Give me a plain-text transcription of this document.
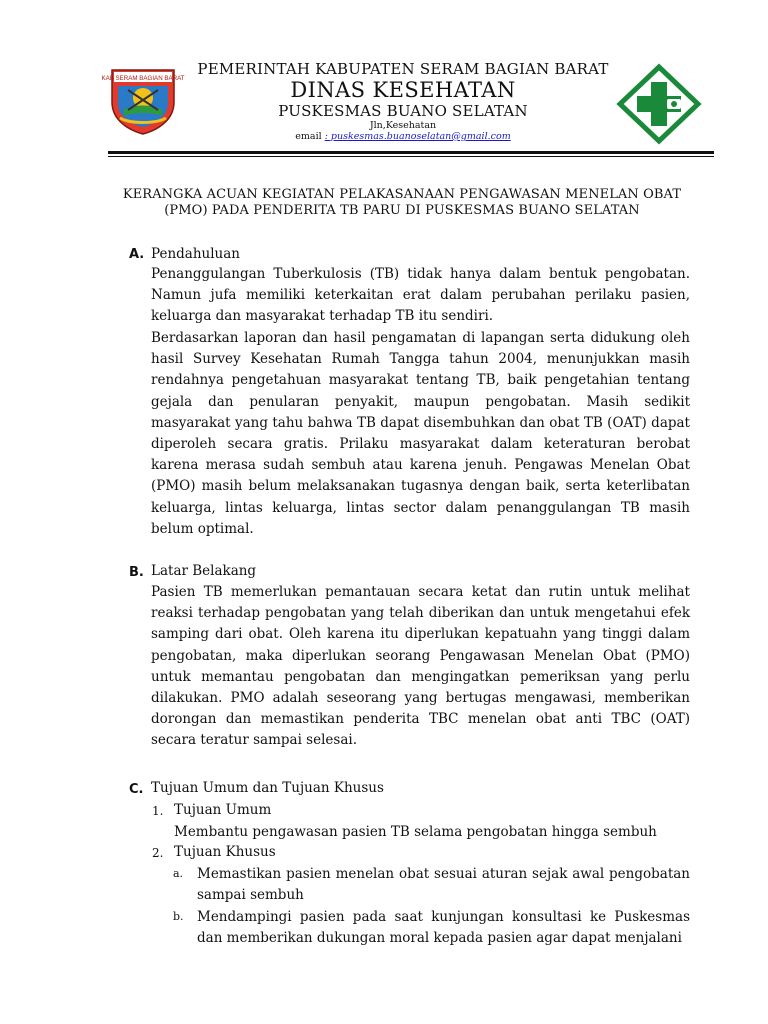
KAB SERAM BAGIAN BARAT
PEMERINTAH KABUPATEN SERAM BAGIAN BARAT
DINAS KESEHATAN
PUSKESMAS BUANO SELATAN
Jln,Kesehatan
email : puskesmas.buanoselatan@gmail.com
KERANGKA ACUAN KEGIATAN PELAKASANAAN PENGAWASAN MENELAN OBAT
(PMO) PADA PENDERITA TB PARU DI PUSKESMAS BUANO SELATAN
A. Pendahuluan

Penanggulangan Tuberkulosis (TB) tidak hanya dalam bentuk pengobatan. Namun jufa memiliki keterkaitan erat dalam perubahan perilaku pasien, keluarga dan masyarakat terhadap TB itu sendiri.

Berdasarkan laporan dan hasil pengamatan di lapangan serta didukung oleh hasil Survey Kesehatan Rumah Tangga tahun 2004, menunjukkan masih rendahnya pengetahuan masyarakat tentang TB, baik pengetahian tentang gejala dan penularan penyakit, maupun pengobatan. Masih sedikit masyarakat yang tahu bahwa TB dapat disembuhkan dan obat TB (OAT) dapat diperoleh secara gratis. Prilaku masyarakat dalam keteraturan berobat karena merasa sudah sembuh atau karena jenuh. Pengawas Menelan Obat (PMO) masih belum melaksanakan tugasnya dengan baik, serta keterlibatan keluarga, lintas keluarga, lintas sector dalam penanggulangan TB masih belum optimal.

B. Latar Belakang

Pasien TB memerlukan pemantauan secara ketat dan rutin untuk melihat reaksi terhadap pengobatan yang telah diberikan dan untuk mengetahui efek samping dari obat. Oleh karena itu diperlukan kepatuahn yang tinggi dalam pengobatan, maka diperlukan seorang Pengawasan Menelan Obat (PMO) untuk memantau pengobatan dan mengingatkan pemeriksan yang perlu dilakukan. PMO adalah seseorang yang bertugas mengawasi, memberikan dorongan dan memastikan penderita TBC menelan obat anti TBC (OAT) secara teratur sampai selesai.

C. Tujuan Umum dan Tujuan Khusus
1. Tujuan Umum

Membantu pengawasan pasien TB selama pengobatan hingga sembuh

2. Tujuan Khusus
a. Memastikan pasien menelan obat sesuai aturan sejak awal pengobatan sampai sembuh

b. Mendampingi pasien pada saat kunjungan konsultasi ke Puskesmas dan memberikan dukungan moral kepada pasien agar dapat menjalani
